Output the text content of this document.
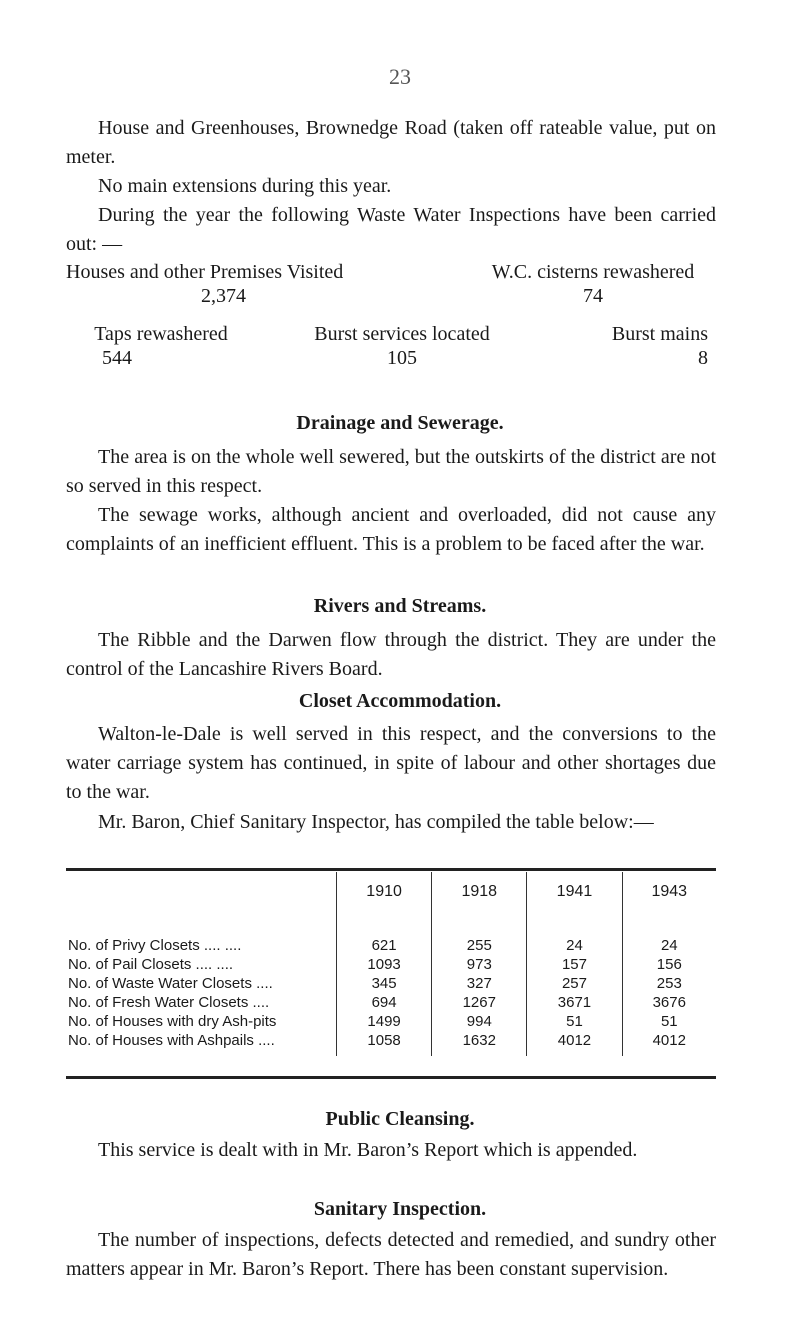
23

House and Greenhouses, Brownedge Road (taken off rateable value, put on meter.

No main extensions during this year.

During the year the following Waste Water Inspections have been carried out: —

Houses and other Premises Visited
2,374
W.C. cisterns rewashered
74
Taps rewashered
544
Burst services located
105
Burst mains
8
Drainage and Sewerage.

The area is on the whole well sewered, but the outskirts of the district are not so served in this respect.

The sewage works, although ancient and overloaded, did not cause any complaints of an inefficient effluent. This is a problem to be faced after the war.

Rivers and Streams.

The Ribble and the Darwen flow through the district. They are under the control of the Lancashire Rivers Board.

Closet Accommodation.

Walton-le-Dale is well served in this respect, and the conversions to the water carriage system has continued, in spite of labour and other shortages due to the war.

Mr. Baron, Chief Sanitary Inspector, has compiled the table below:—

	1910	1918	1941	1943

No. of Privy Closets .... ....	621	255	24	24
No. of Pail Closets .... ....	1093	973	157	156
No. of Waste Water Closets ....	345	327	257	253
No. of Fresh Water Closets ....	694	1267	3671	3676
No. of Houses with dry Ash-pits	1499	994	51	51
No. of Houses with Ashpails ....	1058	1632	4012	4012

Public Cleansing.

This service is dealt with in Mr. Baron’s Report which is appended.

Sanitary Inspection.

The number of inspections, defects detected and remedied, and sundry other matters appear in Mr. Baron’s Report. There has been constant supervision.
